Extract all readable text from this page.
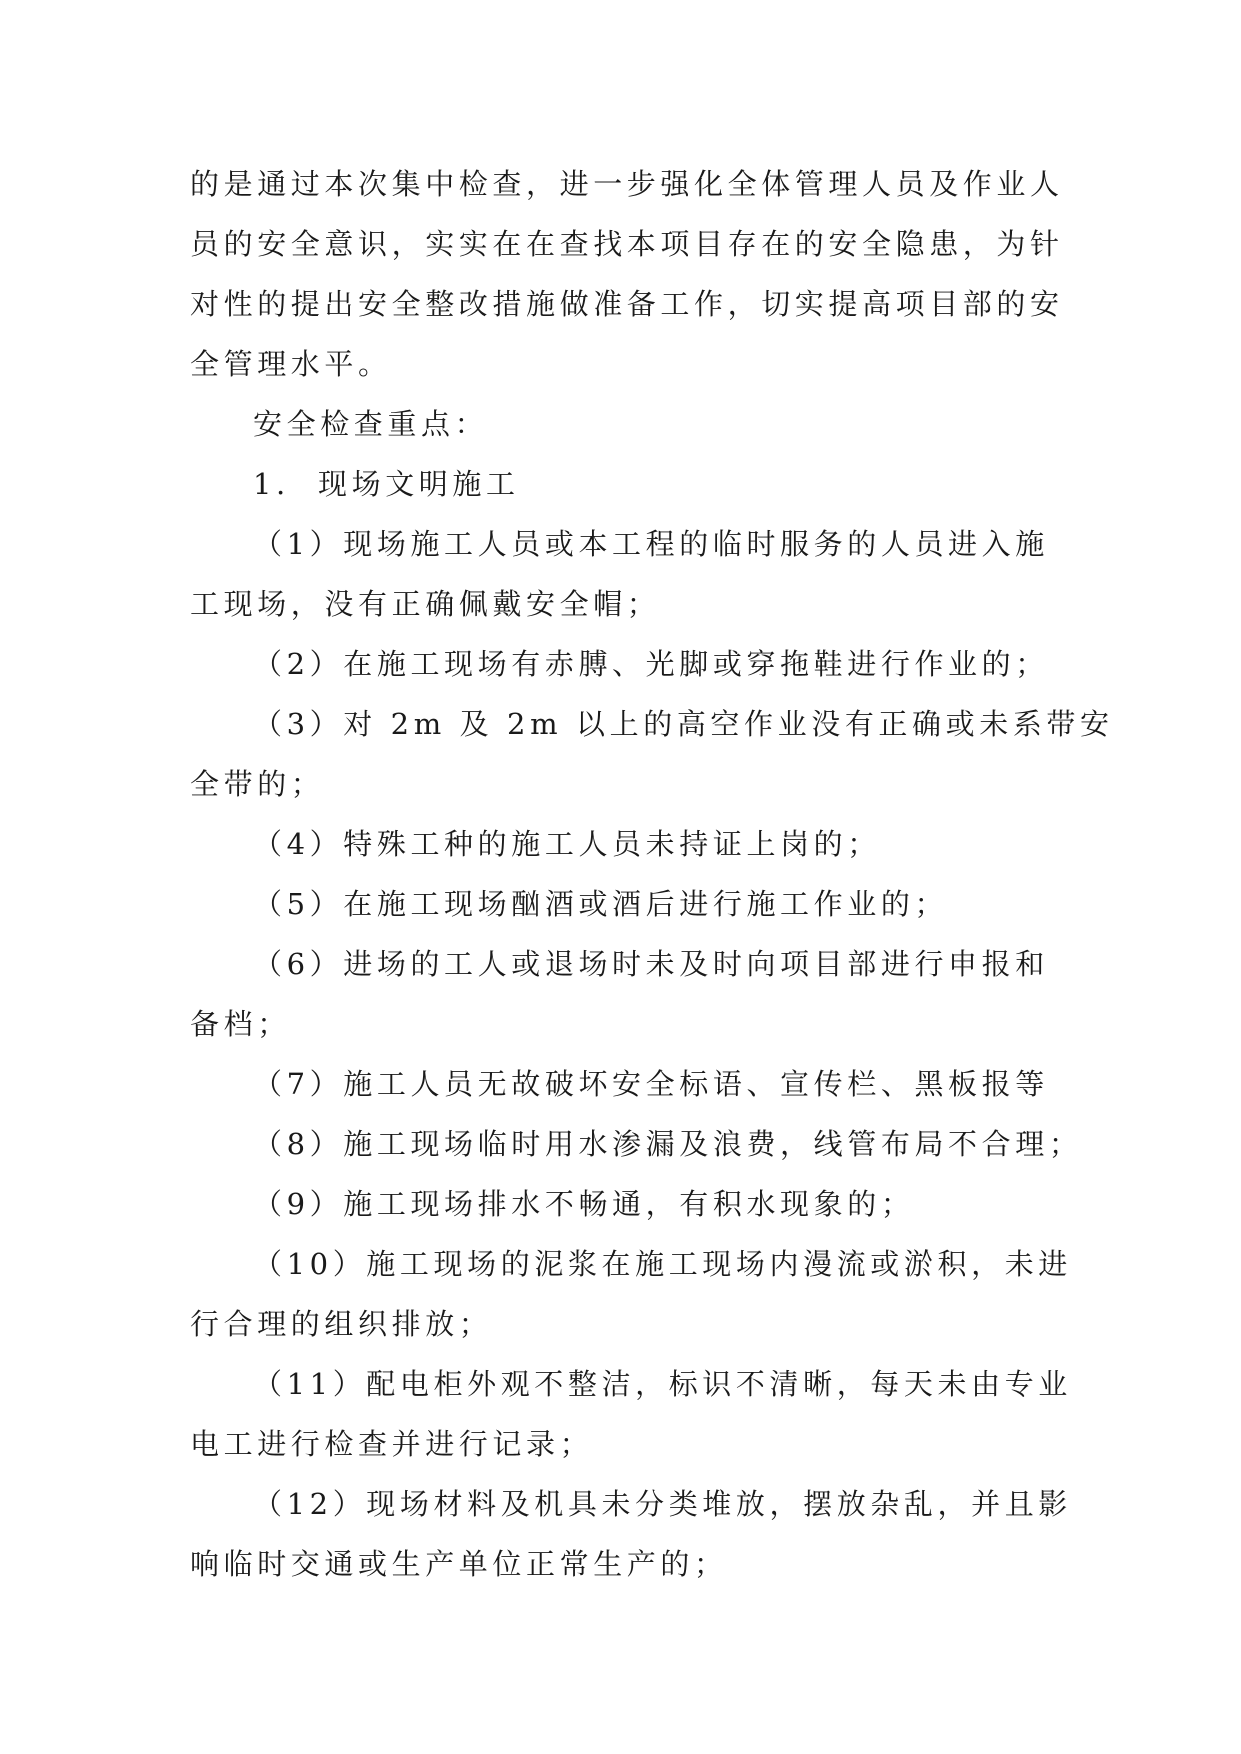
的是通过本次集中检查，进一步强化全体管理人员及作业人
员的安全意识，实实在在查找本项目存在的安全隐患，为针
对性的提出安全整改措施做准备工作，切实提高项目部的安
全管理水平。
安全检查重点：
1. 现场文明施工
（1）现场施工人员或本工程的临时服务的人员进入施
工现场，没有正确佩戴安全帽；
（2）在施工现场有赤膊、光脚或穿拖鞋进行作业的；
（3）对 2m 及 2m 以上的高空作业没有正确或未系带安
全带的；
（4）特殊工种的施工人员未持证上岗的；
（5）在施工现场酗酒或酒后进行施工作业的；
（6）进场的工人或退场时未及时向项目部进行申报和
备档；
（7）施工人员无故破坏安全标语、宣传栏、黑板报等
（8）施工现场临时用水渗漏及浪费，线管布局不合理；
（9）施工现场排水不畅通，有积水现象的；
（10）施工现场的泥浆在施工现场内漫流或淤积，未进
行合理的组织排放；
（11）配电柜外观不整洁，标识不清晰，每天未由专业
电工进行检查并进行记录；
（12）现场材料及机具未分类堆放，摆放杂乱，并且影
响临时交通或生产单位正常生产的；
